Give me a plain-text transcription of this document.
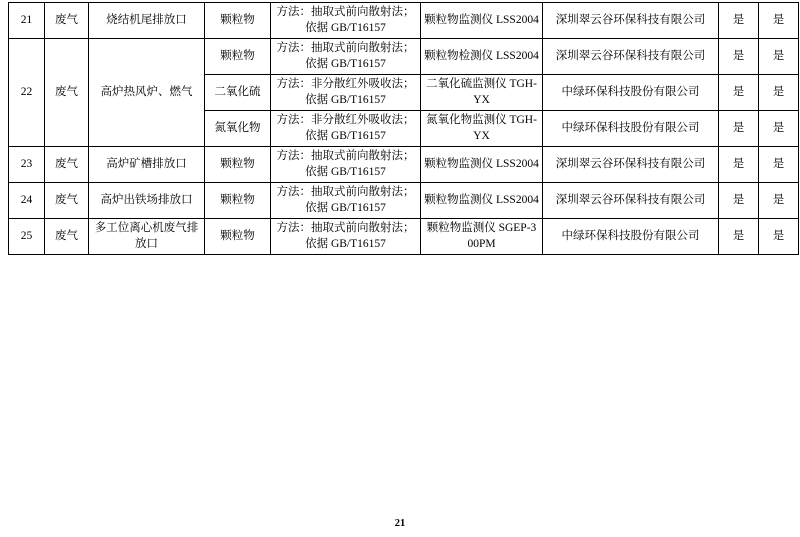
21	废气	烧结机尾排放口	颗粒物	方法：抽取式前向散射法；依据 GB/T16157	颗粒物监测仪 LSS2004	深圳翠云谷环保科技有限公司	是	是
22	废气	高炉热风炉、燃气	颗粒物	方法：抽取式前向散射法；依据 GB/T16157	颗粒物检测仪 LSS2004	深圳翠云谷环保科技有限公司	是	是
			二氧化硫	方法：非分散红外吸收法；依据 GB/T16157	二氧化硫监测仪 TGH-YX	中绿环保科技股份有限公司	是	是
			氮氧化物	方法：非分散红外吸收法；依据 GB/T16157	氮氧化物监测仪 TGH-YX	中绿环保科技股份有限公司	是	是
23	废气	高炉矿槽排放口	颗粒物	方法：抽取式前向散射法；依据 GB/T16157	颗粒物监测仪 LSS2004	深圳翠云谷环保科技有限公司	是	是
24	废气	高炉出铁场排放口	颗粒物	方法：抽取式前向散射法；依据 GB/T16157	颗粒物监测仪 LSS2004	深圳翠云谷环保科技有限公司	是	是
25	废气	多工位离心机废气排放口	颗粒物	方法：抽取式前向散射法；依据 GB/T16157	颗粒物监测仪 SGEP-300PM	中绿环保科技股份有限公司	是	是
21
